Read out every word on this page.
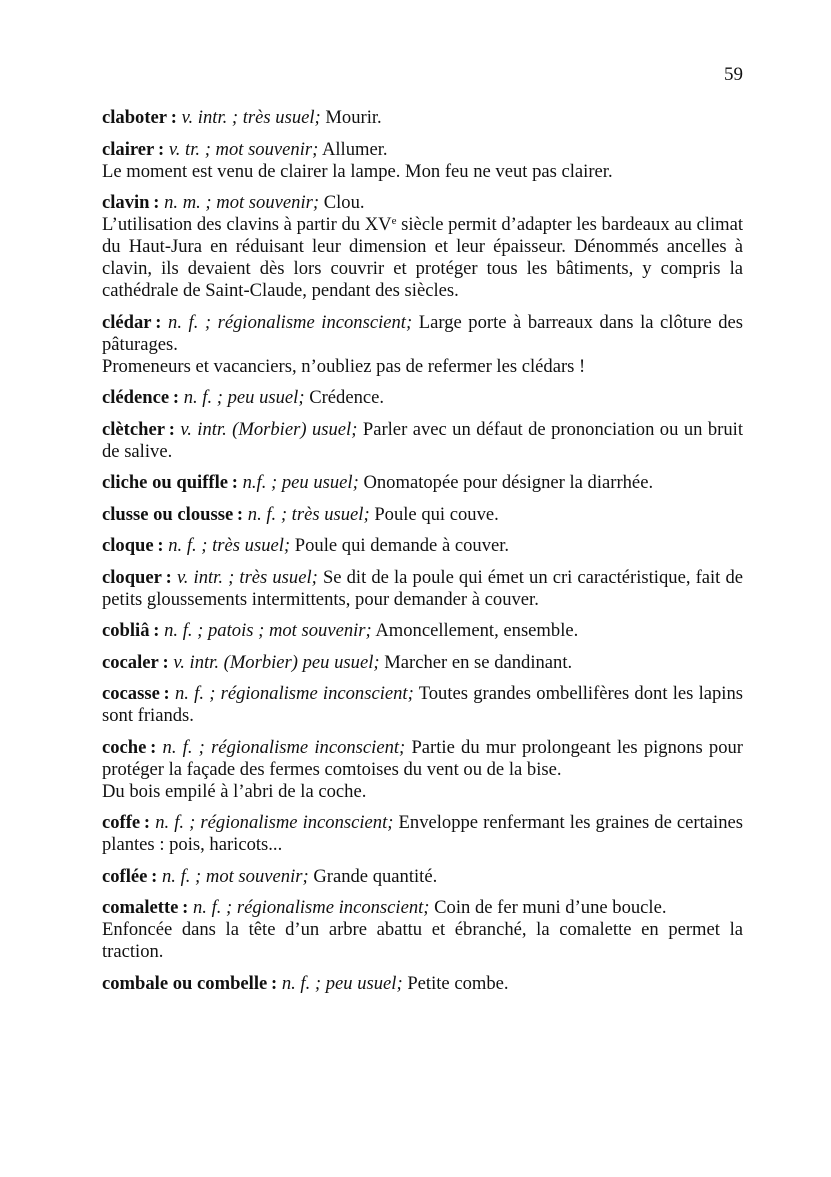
59

claboter : v. intr. ; très usuel; Mourir.

clairer : v. tr. ; mot souvenir; Allumer.

Le moment est venu de clairer la lampe. Mon feu ne veut pas clairer.

clavin : n. m. ; mot souvenir; Clou.

L’utilisation des clavins à partir du XVe siècle permit d’adapter les bardeaux au climat du Haut-Jura en réduisant leur dimension et leur épaisseur. Dénommés ancelles à clavin, ils devaient dès lors couvrir et protéger tous les bâtiments, y compris la cathédrale de Saint-Claude, pendant des siècles.

clédar : n. f. ; régionalisme inconscient; Large porte à barreaux dans la clôture des pâturages.

Promeneurs et vacanciers, n’oubliez pas de refermer les clédars !

clédence : n. f. ; peu usuel; Crédence.

clètcher : v. intr. (Morbier) usuel; Parler avec un défaut de prononciation ou un bruit de salive.

cliche ou quiffle : n.f. ; peu usuel; Onomatopée pour désigner la diarrhée.

clusse ou clousse : n. f. ; très usuel; Poule qui couve.

cloque : n. f. ; très usuel; Poule qui demande à couver.

cloquer : v. intr. ; très usuel; Se dit de la poule qui émet un cri caractéristique, fait de petits gloussements intermittents, pour demander à couver.

cobliâ : n. f. ; patois ; mot souvenir; Amoncellement, ensemble.

cocaler : v. intr. (Morbier) peu usuel; Marcher en se dandinant.

cocasse : n. f. ; régionalisme inconscient; Toutes grandes ombellifères dont les lapins sont friands.

coche : n. f. ; régionalisme inconscient; Partie du mur prolongeant les pignons pour protéger la façade des fermes comtoises du vent ou de la bise.

Du bois empilé à l’abri de la coche.

coffe : n. f. ; régionalisme inconscient; Enveloppe renfermant les graines de certaines plantes : pois, haricots...

coflée : n. f. ; mot souvenir; Grande quantité.

comalette : n. f. ; régionalisme inconscient; Coin de fer muni d’une boucle.

Enfoncée dans la tête d’un arbre abattu et ébranché, la comalette en permet la traction.

combale ou combelle : n. f. ; peu usuel; Petite combe.
